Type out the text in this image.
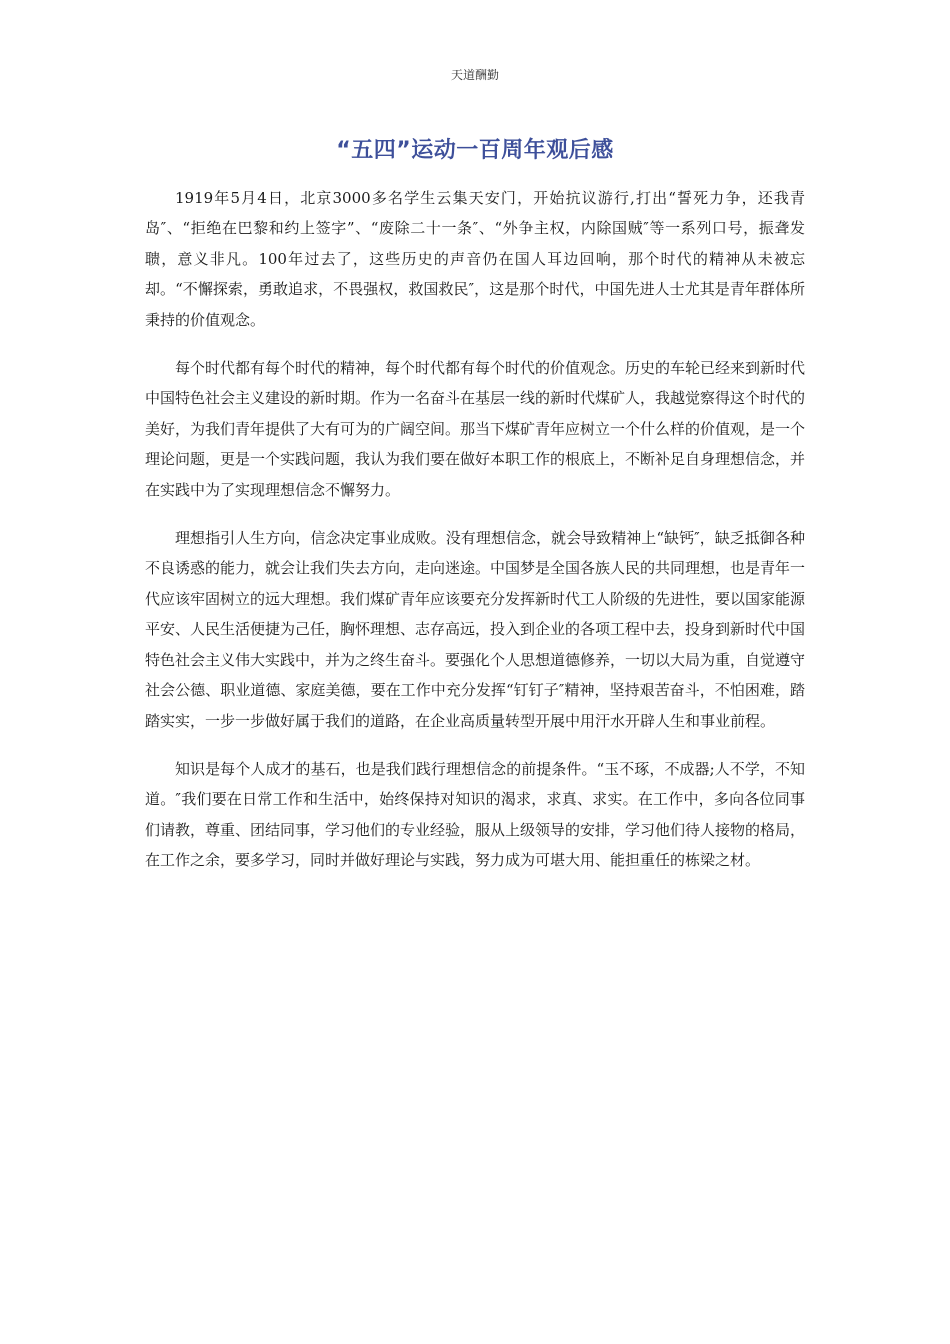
天道酬勤
“五四”运动一百周年观后感

1919年5月4日，北京3000多名学生云集天安门，开始抗议游行,打出“誓死力争，还我青岛″、“拒绝在巴黎和约上签字”、“废除二十一条″、“外争主权，内除国贼″等一系列口号，振聋发聩，意义非凡。100年过去了，这些历史的声音仍在国人耳边回响，那个时代的精神从未被忘却。“不懈探索，勇敢追求，不畏强权，救国救民″，这是那个时代，中国先进人士尤其是青年群体所秉持的价值观念。

每个时代都有每个时代的精神，每个时代都有每个时代的价值观念。历史的车轮已经来到新时代中国特色社会主义建设的新时期。作为一名奋斗在基层一线的新时代煤矿人，我越觉察得这个时代的美好，为我们青年提供了大有可为的广阔空间。那当下煤矿青年应树立一个什么样的价值观，是一个理论问题，更是一个实践问题，我认为我们要在做好本职工作的根底上，不断补足自身理想信念，并在实践中为了实现理想信念不懈努力。

理想指引人生方向，信念决定事业成败。没有理想信念，就会导致精神上“缺钙″，缺乏抵御各种不良诱惑的能力，就会让我们失去方向，走向迷途。中国梦是全国各族人民的共同理想，也是青年一代应该牢固树立的远大理想。我们煤矿青年应该要充分发挥新时代工人阶级的先进性，要以国家能源平安、人民生活便捷为己任，胸怀理想、志存高远，投入到企业的各项工程中去，投身到新时代中国特色社会主义伟大实践中，并为之终生奋斗。要强化个人思想道德修养，一切以大局为重，自觉遵守社会公德、职业道德、家庭美德，要在工作中充分发挥“钉钉子″精神，坚持艰苦奋斗，不怕困难，踏踏实实，一步一步做好属于我们的道路，在企业高质量转型开展中用汗水开辟人生和事业前程。

知识是每个人成才的基石，也是我们践行理想信念的前提条件。“玉不琢，不成器;人不学，不知道。″我们要在日常工作和生活中，始终保持对知识的渴求，求真、求实。在工作中，多向各位同事们请教，尊重、团结同事，学习他们的专业经验，服从上级领导的安排，学习他们待人接物的格局，在工作之余，要多学习，同时并做好理论与实践，努力成为可堪大用、能担重任的栋梁之材。
